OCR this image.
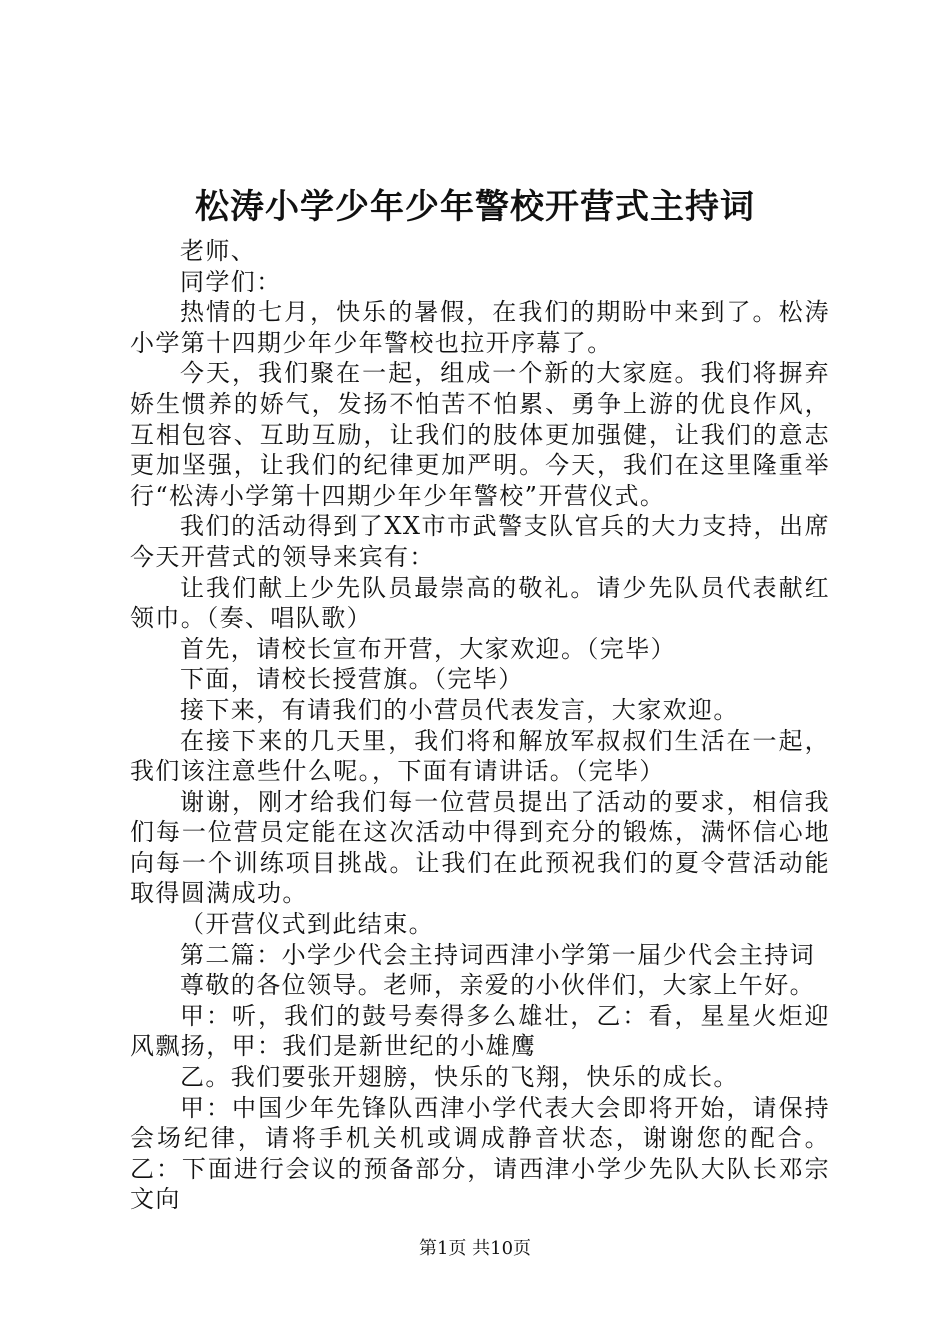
松涛小学少年少年警校开营式主持词

老师、

同学们：

热情的七月，快乐的暑假，在我们的期盼中来到了。松涛小学第十四期少年少年警校也拉开序幕了。

今天，我们聚在一起，组成一个新的大家庭。我们将摒弃娇生惯养的娇气，发扬不怕苦不怕累、勇争上游的优良作风，互相包容、互助互励，让我们的肢体更加强健，让我们的意志更加坚强，让我们的纪律更加严明。今天，我们在这里隆重举行“松涛小学第十四期少年少年警校”开营仪式。

我们的活动得到了XX市市武警支队官兵的大力支持，出席今天开营式的领导来宾有：

让我们献上少先队员最崇高的敬礼。请少先队员代表献红领巾。（奏、唱队歌）

首先，请校长宣布开营，大家欢迎。（完毕）

下面，请校长授营旗。（完毕）

接下来，有请我们的小营员代表发言，大家欢迎。

在接下来的几天里，我们将和解放军叔叔们生活在一起，我们该注意些什么呢。，下面有请讲话。（完毕）

谢谢，刚才给我们每一位营员提出了活动的要求，相信我们每一位营员定能在这次活动中得到充分的锻炼，满怀信心地向每一个训练项目挑战。让我们在此预祝我们的夏令营活动能取得圆满成功。

（开营仪式到此结束。

第二篇：小学少代会主持词西津小学第一届少代会主持词

尊敬的各位领导。老师，亲爱的小伙伴们，大家上午好。

甲：听，我们的鼓号奏得多么雄壮，乙：看，星星火炬迎风飘扬，甲：我们是新世纪的小雄鹰

乙。我们要张开翅膀，快乐的飞翔，快乐的成长。

甲：中国少年先锋队西津小学代表大会即将开始，请保持会场纪律，请将手机关机或调成静音状态，谢谢您的配合。乙：下面进行会议的预备部分，请西津小学少先队大队长邓宗文向

第1页 共10页
